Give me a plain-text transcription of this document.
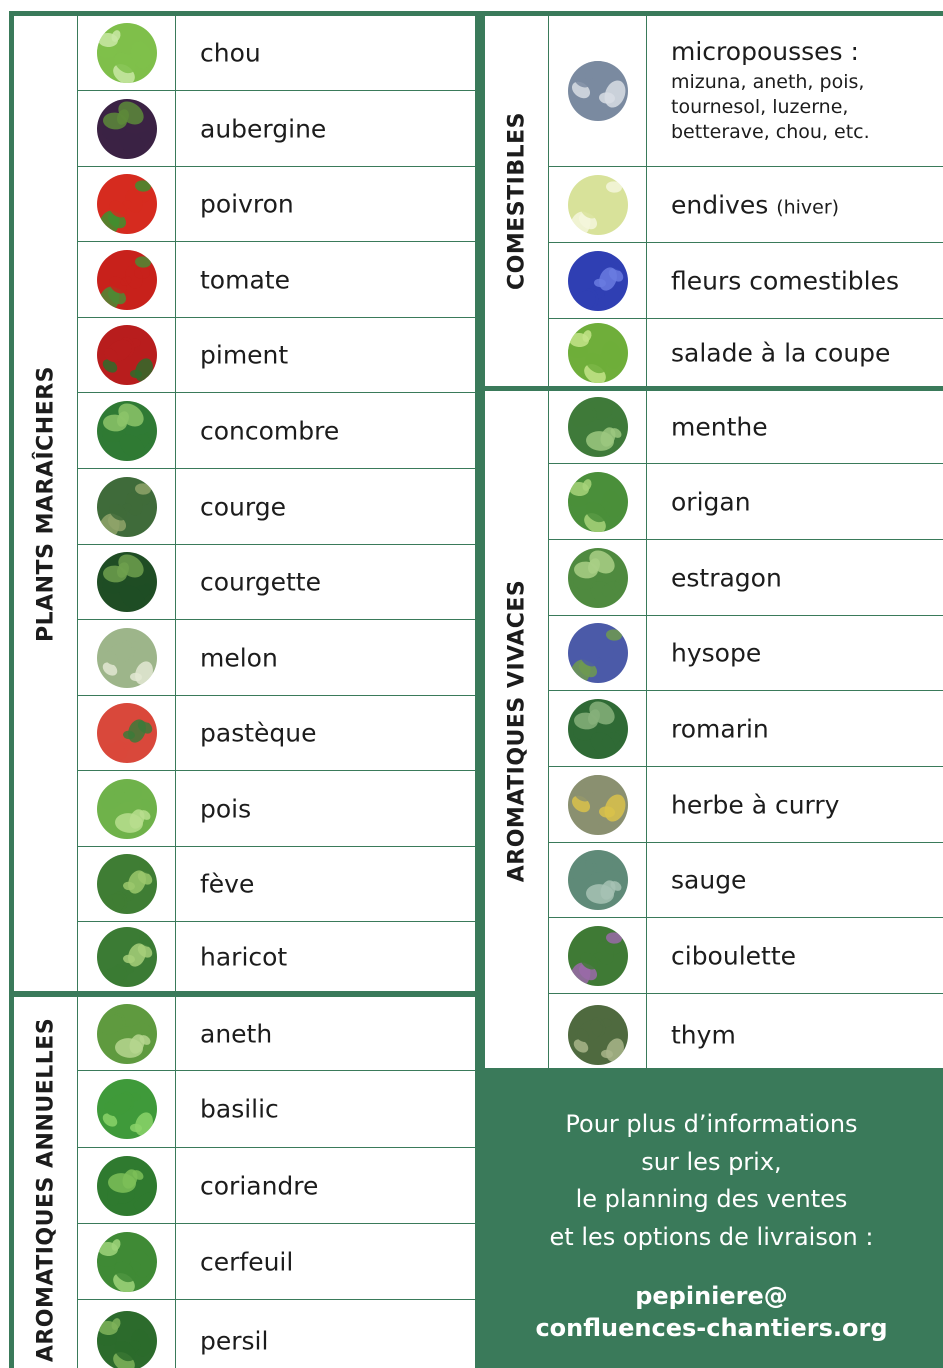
PLANTS MARAÎCHERS
chou
aubergine
poivron
tomate
piment
concombre
courge
courgette
melon
pastèque
pois
fève
haricot
AROMATIQUES ANNUELLES	aneth
basilic
coriandre
cerfeuil
persil
COMESTIBLES
micropousses :
mizuna, aneth, pois,
tournesol, luzerne,
betterave, chou, etc.
endives (hiver)
fleurs comestibles
salade à la coupe
AROMATIQUES VIVACES
menthe
origan
estragon
hysope
romarin
herbe à curry
sauge
ciboulette
thym
Pour plus d’informations
sur les prix,
le planning des ventes
et les options de livraison :
pepiniere@
confluences-chantiers.org
